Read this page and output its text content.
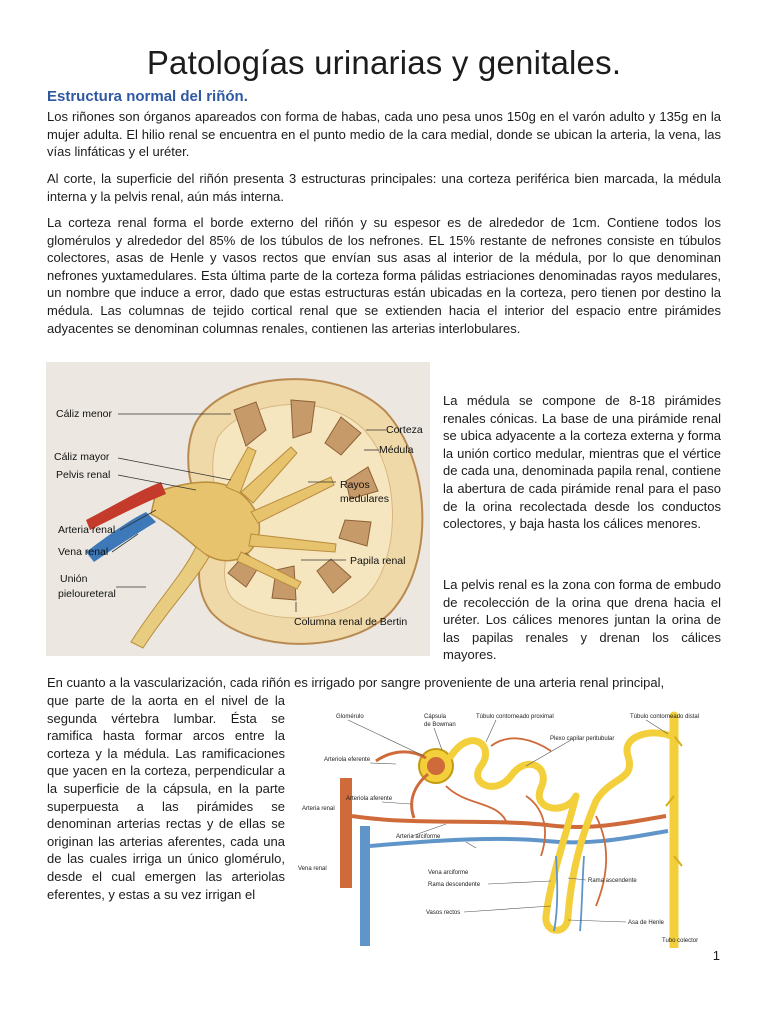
Patologías urinarias y genitales.
Estructura normal del riñón.

Los riñones son órganos apareados con forma de habas, cada uno pesa unos 150g en el varón adulto y 135g en la mujer adulta. El hilio renal se encuentra en el punto medio de la cara medial, donde se ubican la arteria, la vena, las vías linfáticas y el uréter.

Al corte, la superficie del riñón presenta 3 estructuras principales: una corteza periférica bien marcada, la médula interna y la pelvis renal, aún más interna.

La corteza renal forma el borde externo del riñón y su espesor es de alrededor de 1cm. Contiene todos los glomérulos y alrededor del 85% de los túbulos de los nefrones. EL 15% restante de nefrones consiste en túbulos colectores, asas de Henle y vasos rectos que envían sus asas al interior de la médula, por lo que denominan nefrones yuxtamedulares. Esta última parte de la corteza forma pálidas estriaciones denominadas rayos medulares, un nombre que induce a error, dado que estas estructuras están ubicadas en la corteza, pero tienen por destino la médula. Las columnas de tejido cortical renal que se extienden hacia el interior del espacio entre pirámides adyacentes se denominan columnas renales, contienen las arterias interlobulares.

Cáliz menor
Cáliz mayor
Pelvis renal
Arteria renal
Vena renal
Unión
pieloureteral
Corteza
Médula
Rayos
medulares
Papila renal
Columna renal de Bertin

La médula se compone de 8-18 pirámides renales cónicas. La base de una pirámide renal se ubica adyacente a la corteza externa y forma la unión cortico medular, mientras que el vértice de cada una, denominada papila renal, contiene la abertura de cada pirámide renal para el paso de la orina recolectada desde los conductos colectores, y baja hasta los cálices menores.

La pelvis renal es la zona con forma de embudo de recolección de la orina que drena hacia el uréter. Los cálices menores juntan la orina de las papilas renales y drenan los cálices mayores.

En cuanto a la vascularización, cada riñón es irrigado por sangre proveniente de una arteria renal principal,

que parte de la aorta en el nivel de la segunda vértebra lumbar. Ésta se ramifica hasta formar arcos entre la corteza y la médula. Las ramificaciones que yacen en la corteza, perpendicular a la superficie de la cápsula, en la parte superpuesta a las pirámides se denominan arterias rectas y de ellas se originan las arterias aferentes, cada una de las cuales irriga un único glomérulo, desde el cual emergen las arteriolas eferentes, y estas a su vez irrigan el

Glomérulo	Cápsula
de Bowman
Túbulo contorneado proximal	Túbulo contorneado distal
Plexo capilar peritubular
Arteriola eferente
Arteriola aferente
Arteria renal
Arteria arciforme
Vena renal
Vena arciforme
Rama descendente
Rama ascendente
Vasos rectos
Asa de Henle
Tubo colector
1
